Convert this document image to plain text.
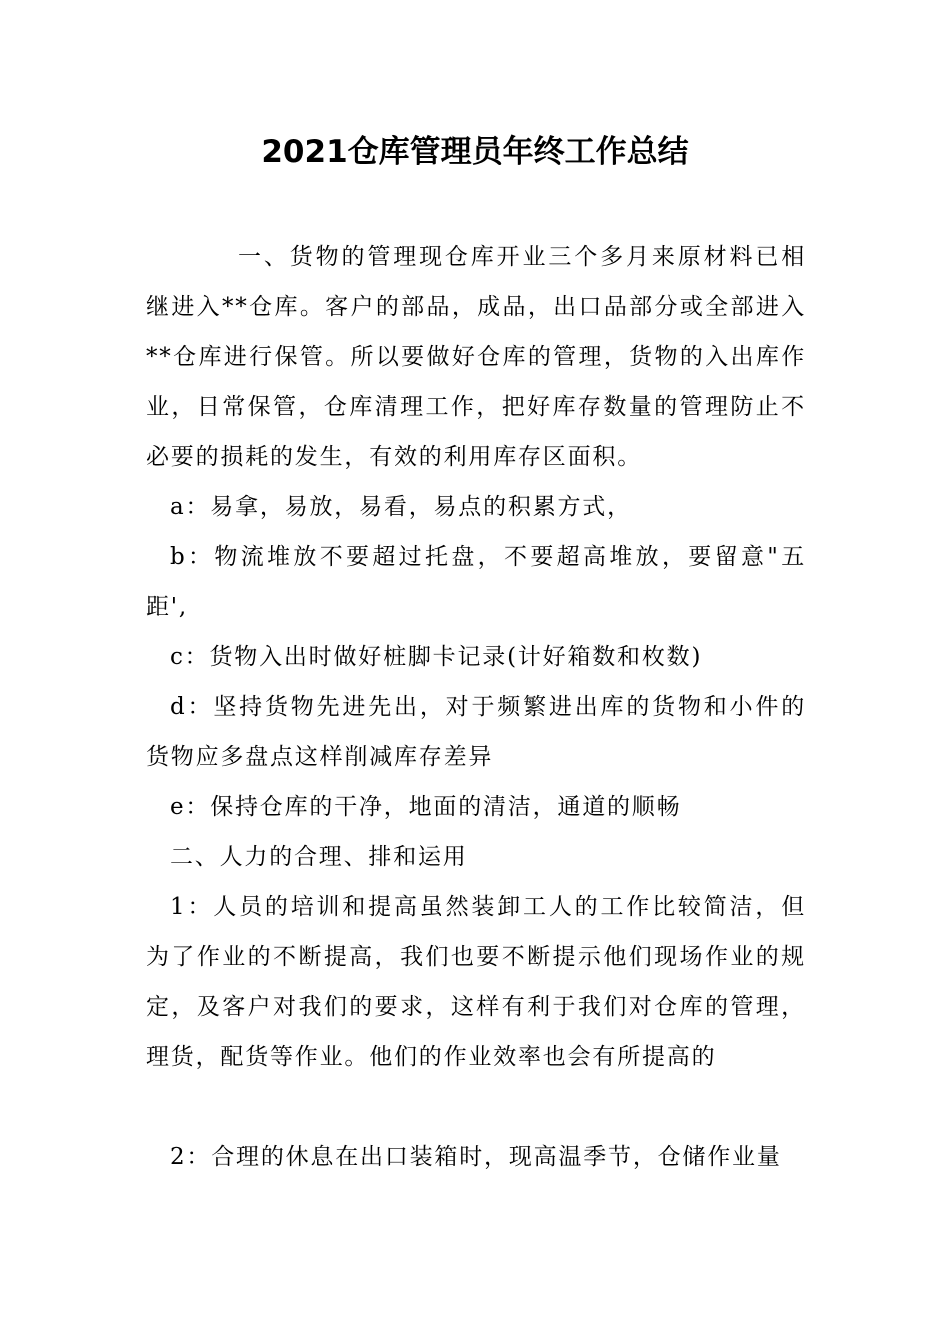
2021仓库管理员年终工作总结

一、货物的管理现仓库开业三个多月来原材料已相继进入**仓库。客户的部品，成品，出口品部分或全部进入**仓库进行保管。所以要做好仓库的管理，货物的入出库作业，日常保管，仓库清理工作，把好库存数量的管理防止不必要的损耗的发生，有效的利用库存区面积。

a：易拿，易放，易看，易点的积累方式，

b：物流堆放不要超过托盘，不要超高堆放，要留意"五距',

c：货物入出时做好桩脚卡记录(计好箱数和枚数)

d：坚持货物先进先出，对于频繁进出库的货物和小件的货物应多盘点这样削减库存差异

e：保持仓库的干净，地面的清洁，通道的顺畅

二、人力的合理、排和运用

1：人员的培训和提高虽然装卸工人的工作比较简洁，但为了作业的不断提高，我们也要不断提示他们现场作业的规定，及客户对我们的要求，这样有利于我们对仓库的管理，理货，配货等作业。他们的作业效率也会有所提高的

2：合理的休息在出口装箱时，现高温季节，仓储作业量
